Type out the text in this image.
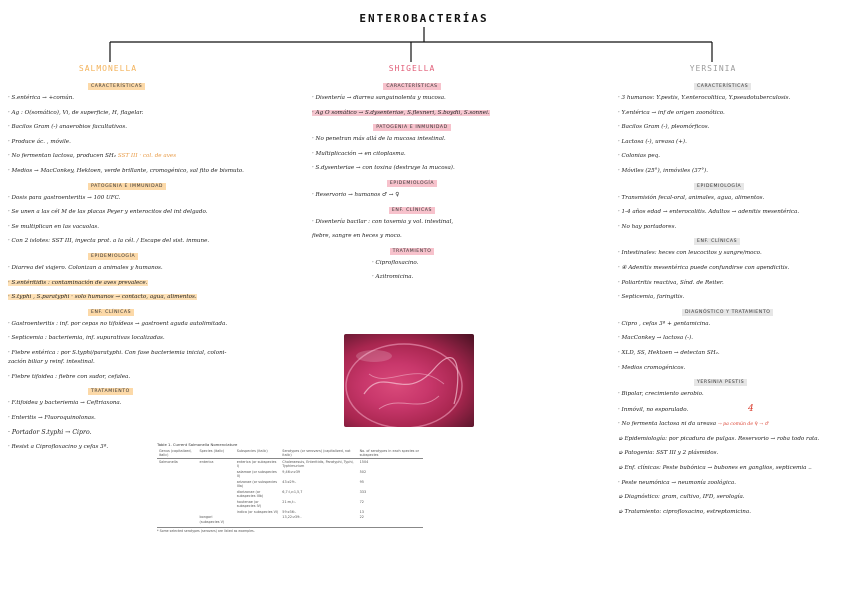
ENTEROBACTERÍAS
SALMONELLA
CARACTERÍSTICAS
· S.entérica → +común.
· Ag : O(somático), Vi, de superficie, H, flagelar.
· Bacilos Gram (-) anaerobios facultativos.
· Produce ác. , móvile.
· No fermentan lactosa, producen SH₂ SST III · col. de aves
· Medios → MacConkey, Hektoen, verde brillante, cromogénico, sal fito de bismuto.
PATOGENIA E IMMUNIDAD
· Dosis para gastroenteritis → 100 UFC.
· Se unen a las cél M de las placas Peyer y enterocitos del int delgado.
· Se multiplican en las vacuolas.
· Con 2 islotes: SST III, inyecta prot. a la cél. / Escape del sist. inmune.
EPIDEMIOLOGÍA
· Diarrea del viajero. Colonizan a animales y humanos.
· S.entéritidis : contaminación de aves prevalece.
· S.typhi , S.paratyphi · solo humanos → contacto, agua, alimentos.
ENF. CLÍNICAS
· Gastroenteritis : inf. por cepas no tifoídeas → gastroent aguda autolimitada.
· Septicemia : bacteriemia, inf. supurativas localizadas.
· Fiebre entérica : por S.typhi/paratyphi. Con fase bacteriemia inicial, coloni-
zación biliar y reinf. intestinal.
· Fiebre tifoidea : fiebre con sudor, cefalea.
TRATAMIENTO
· F.tifoidea y bacteriemia → Ceftriaxona.
· Enteritis → Fluoroquinolonas.
· Portador S.typhi → Cipro.
· Resist a Ciprofloxacino y cefas 3ª.
SHIGELLA
CARACTERÍSTICAS
· Disentería → diarrea sanguinolenta y mucosa.
· Ag O somático → S.dysenteriae, S.flexneri, S.boydii, S.sonnei.
PATOGENIA E INMUNIDAD
· No penetran más allá de la mucosa intestinal.
· Multiplicación → en citoplasma.
· S.dysenteriae → con toxina (destruye la mucosa).
EPIDEMIOLOGÍA
· Reservorio → humanos ♂ → ♀
ENF. CLÍNICAS
· Disentería bacilar : con toxemia y vol. intestinal,
fiebre, sangre en heces y moco.
TRATAMIENTO
· Ciprofloxacino.
· Azitromicina.
Table 1. Current Salmonella Nomenclature
Genus (capitalized, italic)	Species (italic)	Subspecies (italic)	Serotypes (or serovars) (capitalized, not italic)	No. of serotypes in each species or subspecies
Salmonella	enterica	enterica (or subspecies I)	Choleraesuis, Enteritidis, Paratyphi, Typhi, Typhimurium	1504
		salamae (or subspecies II)	9,46:z:z39	502
		arizonae (or subspecies IIIa)	43:z29:-	95
		diarizonae (or subspecies IIIb)	6,7:l,v:1,5,7	333
		houtenae (or subspecies IV)	21:m,t:-	72
		indica (or subspecies VI)	59:z36:-	13
	bongori (subspecies V)		13,22:z39:-	22
* Some selected serotypes (serovars) are listed as examples.
YERSINIA
CARACTERÍSTICAS
· 3 humanos: Y.pestis, Y.enterocolitica, Y.pseudotuberculosis.
· Y.entérica → inf de origen zoonótico.
· Bacilos Gram (-), pleomórficos.
· Lactosa (-), ureasa (+).
· Colonias peq.
· Móviles (25°), inmóviles (37°).
EPIDEMIOLOGÍA
· Transmisión fecal-oral, animales, agua, alimentos.
· 1-4 años edad → enterocolitis. Adultos → adenitis mesentérica.
· No hay portadores.
ENF. CLÍNICAS
· Intestinales: heces con leucocitos y sangre/moco.
· ④ Adenitis mesentérica puede confundirse con apendicitis.
· Poliartritis reactiva, Sínd. de Reiter.
· Septicemia, faringitis.
DIAGNÓSTICO Y TRATAMIENTO
· Cipro , cefas 3ª + gentamicina.
· MacConkey → lactosa (-).
· XLD, SS, Hektoen → detectan SH₂.
· Medios cromogénicos.
YERSINIA PESTIS
· Bipolar, crecimiento aerobio.
· Inmóvil, no esporulado.	4
· No fermenta lactosa ni da ureasa → pa común de ♀ → ♂
➭ Epidemiología: por picadura de pulgas. Reservorio → roba todo rata.
➭ Patogenia: SST III y 2 plásmidos.
➭ Enf. clínicas: Peste bubónica → bubones en ganglios, septicemia ..
· Peste neumónica → neumonía zoológica.
➭ Diagnóstico: gram, cultivo, IFD, serología.
➭ Tratamiento: ciprofloxacino, estreptomicina.
